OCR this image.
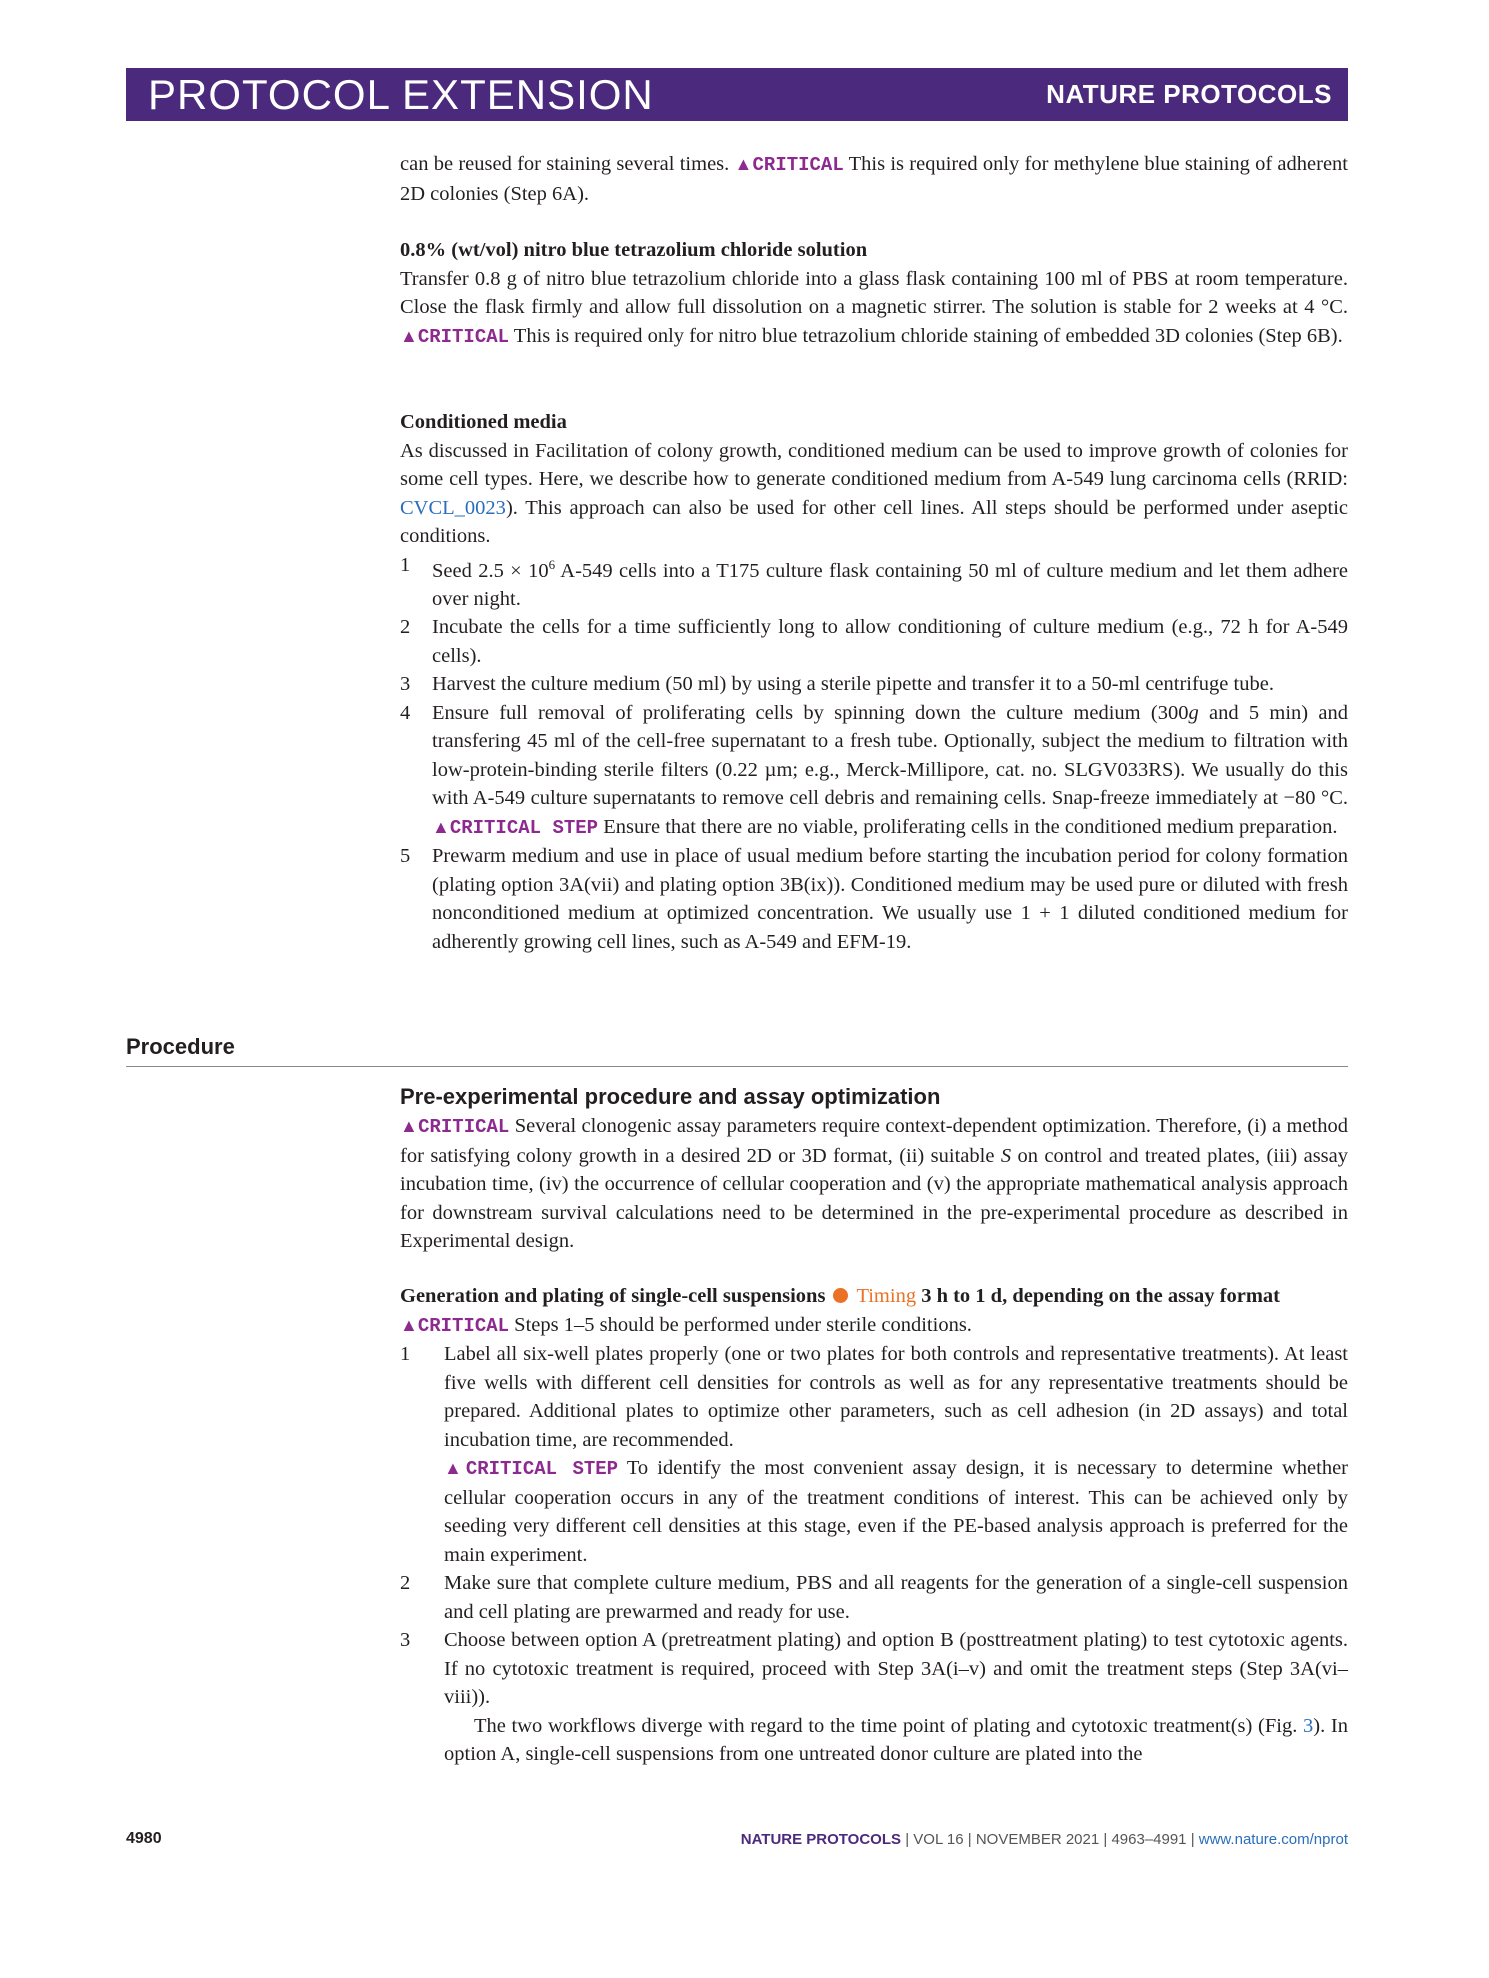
PROTOCOL EXTENSION	NATURE PROTOCOLS

can be reused for staining several times. ▲CRITICAL This is required only for methylene blue staining of adherent 2D colonies (Step 6A).

0.8% (wt/vol) nitro blue tetrazolium chloride solution

Transfer 0.8 g of nitro blue tetrazolium chloride into a glass flask containing 100 ml of PBS at room temperature. Close the flask firmly and allow full dissolution on a magnetic stirrer. The solution is stable for 2 weeks at 4 °C. ▲CRITICAL This is required only for nitro blue tetrazolium chloride staining of embedded 3D colonies (Step 6B).

Conditioned media

As discussed in Facilitation of colony growth, conditioned medium can be used to improve growth of colonies for some cell types. Here, we describe how to generate conditioned medium from A-549 lung carcinoma cells (RRID: CVCL_0023). This approach can also be used for other cell lines. All steps should be performed under aseptic conditions.

1	Seed $2.5 \times 10^6$ A-549 cells into a T175 culture flask containing 50 ml of culture medium and let them adhere over night.
2	Incubate the cells for a time sufficiently long to allow conditioning of culture medium (e.g., 72 h for A-549 cells).
3	Harvest the culture medium (50 ml) by using a sterile pipette and transfer it to a 50-ml centrifuge tube.
4	Ensure full removal of proliferating cells by spinning down the culture medium (300g and 5 min) and transfering 45 ml of the cell-free supernatant to a fresh tube. Optionally, subject the medium to filtration with low-protein-binding sterile filters (0.22 µm; e.g., Merck-Millipore, cat. no. SLGV033RS). We usually do this with A-549 culture supernatants to remove cell debris and remaining cells. Snap-freeze immediately at −80 °C. ▲CRITICAL STEP Ensure that there are no viable, proliferating cells in the conditioned medium preparation.
5	Prewarm medium and use in place of usual medium before starting the incubation period for colony formation (plating option 3A(vii) and plating option 3B(ix)). Conditioned medium may be used pure or diluted with fresh nonconditioned medium at optimized concentration. We usually use 1 + 1 diluted conditioned medium for adherently growing cell lines, such as A-549 and EFM-19.
Procedure

Pre-experimental procedure and assay optimization

▲CRITICAL Several clonogenic assay parameters require context-dependent optimization. Therefore, (i) a method for satisfying colony growth in a desired 2D or 3D format, (ii) suitable S on control and treated plates, (iii) assay incubation time, (iv) the occurrence of cellular cooperation and (v) the appropriate mathematical analysis approach for downstream survival calculations need to be determined in the pre-experimental procedure as described in Experimental design.

Generation and plating of single-cell suspensions Timing 3 h to 1 d, depending on the assay format

▲CRITICAL Steps 1–5 should be performed under sterile conditions.

1	Label all six-well plates properly (one or two plates for both controls and representative treatments). At least five wells with different cell densities for controls as well as for any representative treatments should be prepared. Additional plates to optimize other parameters, such as cell adhesion (in 2D assays) and total incubation time, are recommended.
▲CRITICAL STEP To identify the most convenient assay design, it is necessary to determine whether cellular cooperation occurs in any of the treatment conditions of interest. This can be achieved only by seeding very different cell densities at this stage, even if the PE-based analysis approach is preferred for the main experiment.
2	Make sure that complete culture medium, PBS and all reagents for the generation of a single-cell suspension and cell plating are prewarmed and ready for use.
3	Choose between option A (pretreatment plating) and option B (posttreatment plating) to test cytotoxic agents. If no cytotoxic treatment is required, proceed with Step 3A(i–v) and omit the treatment steps (Step 3A(vi–viii)).
The two workflows diverge with regard to the time point of plating and cytotoxic treatment(s) (Fig. 3). In option A, single-cell suspensions from one untreated donor culture are plated into the
4980	NATURE PROTOCOLS | VOL 16 | NOVEMBER 2021 | 4963–4991 | www.nature.com/nprot
